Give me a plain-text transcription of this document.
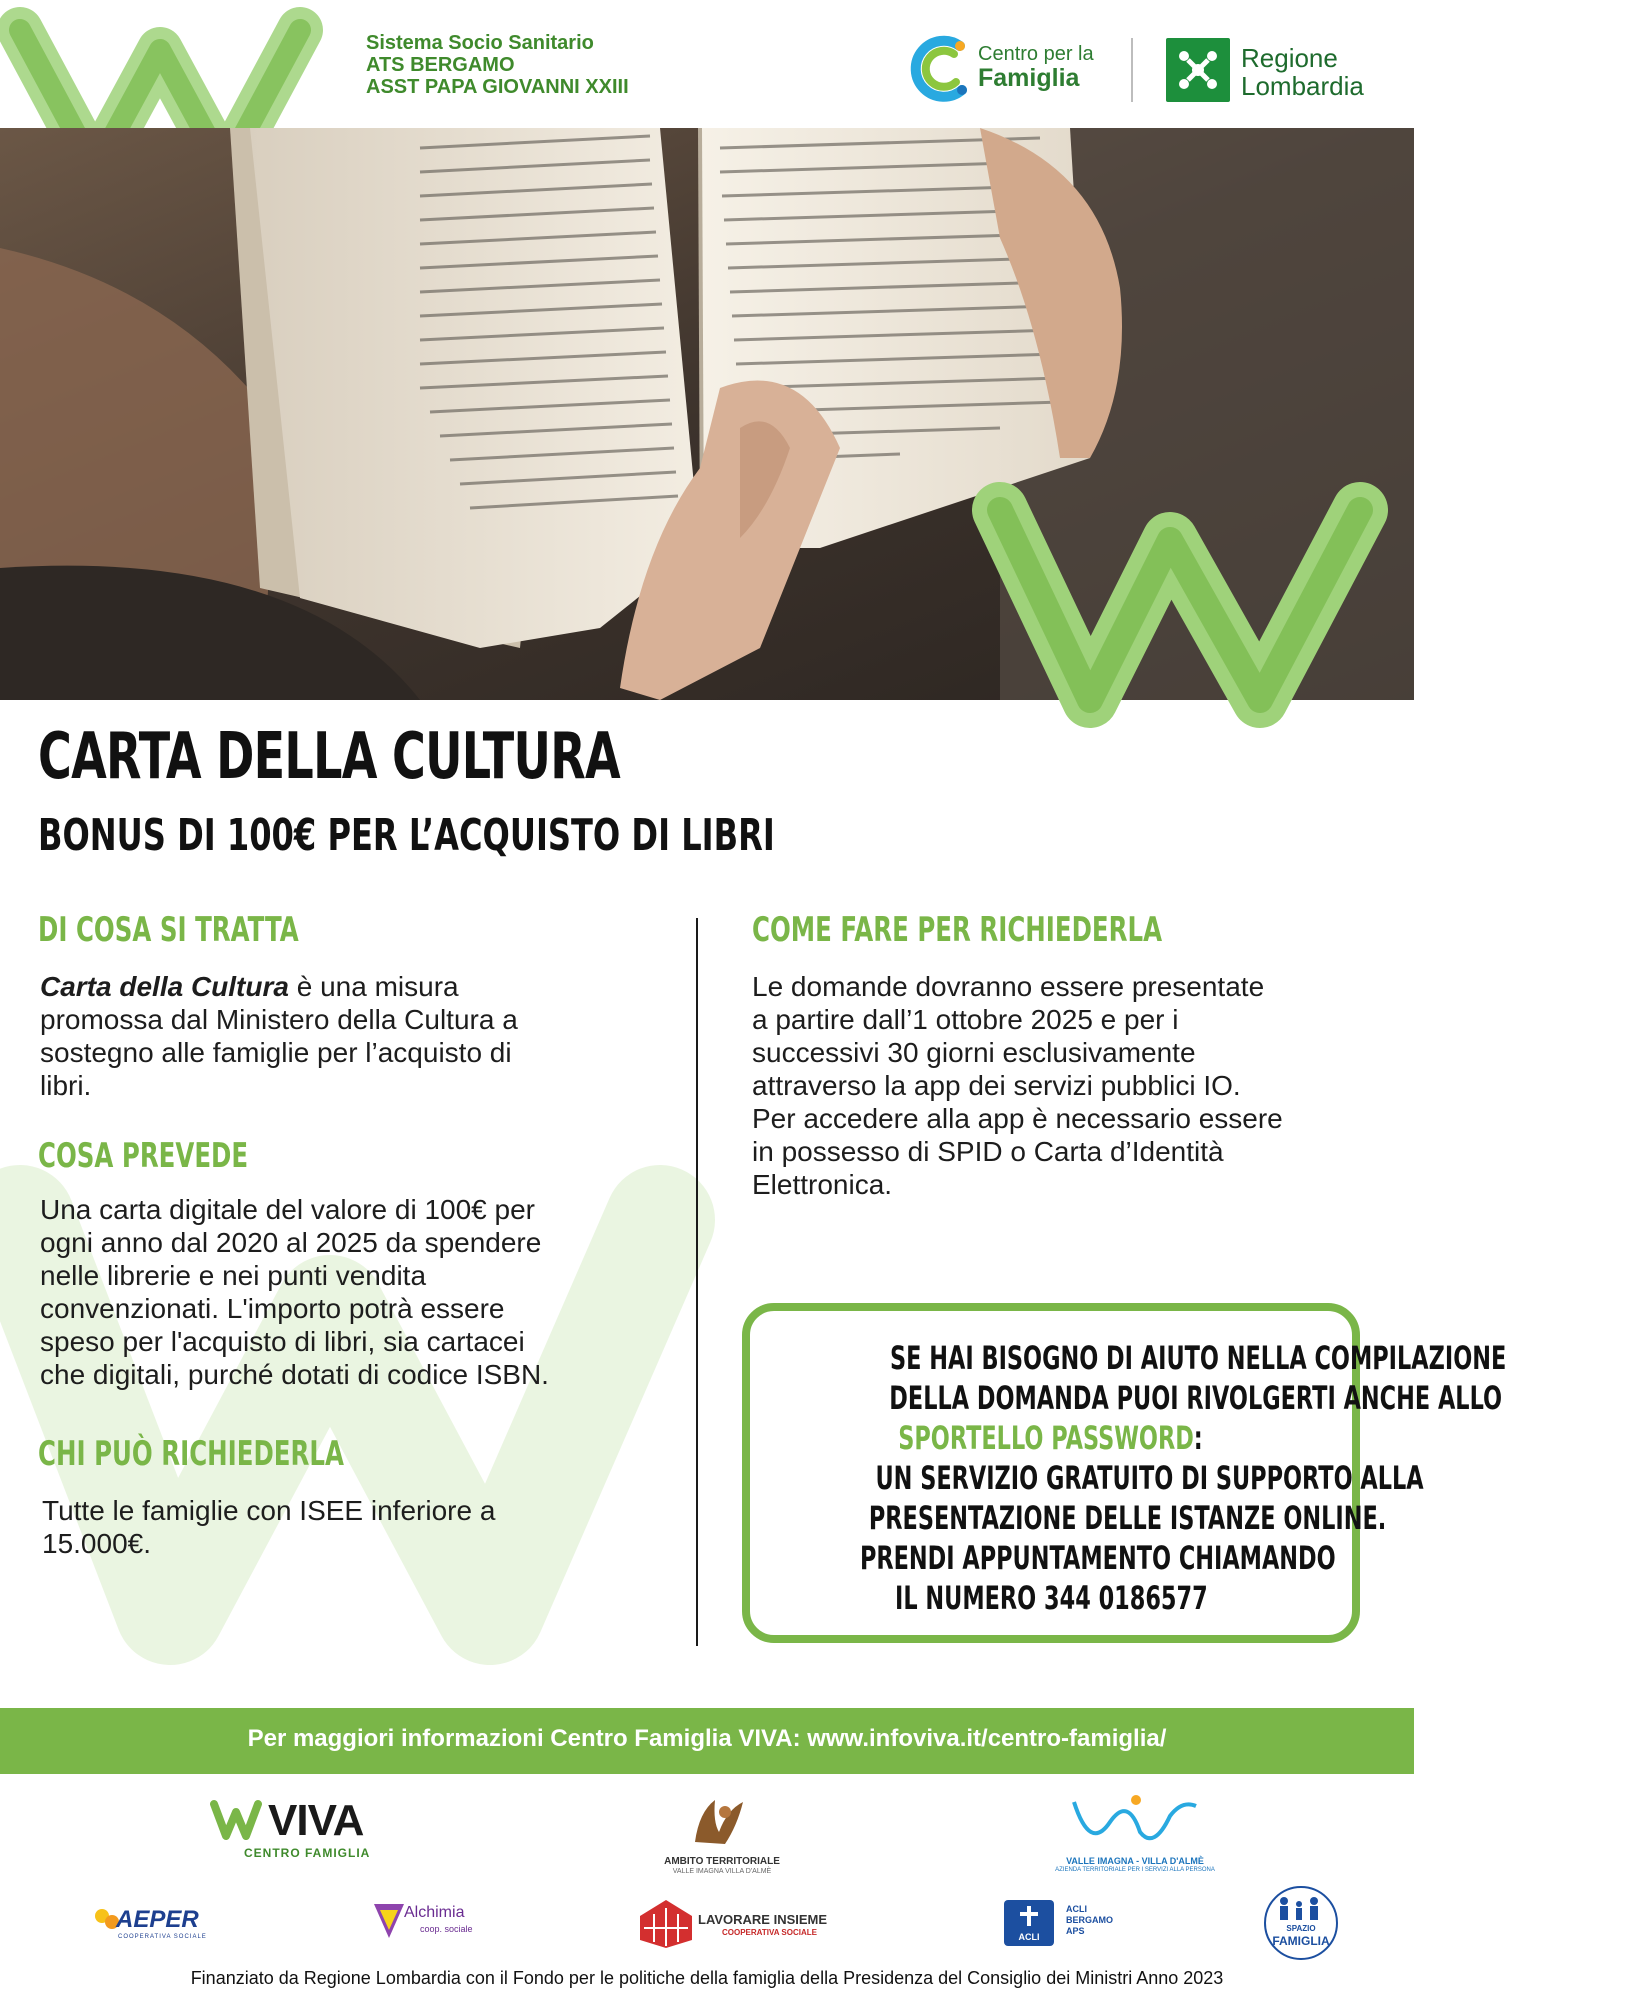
Sistema Socio Sanitario
ATS BERGAMO
ASST PAPA GIOVANNI XXIII
Centro per la
Famiglia
Regione
Lombardia
CARTA DELLA CULTURA
BONUS DI 100€ PER L’ACQUISTO DI LIBRI
DI COSA SI TRATTA
Carta della Cultura è una misura
promossa dal Ministero della Cultura a
sostegno alle famiglie per l’acquisto di
libri.
COSA PREVEDE
Una carta digitale del valore di 100€ per
ogni anno dal 2020 al 2025 da spendere
nelle librerie e nei punti vendita
convenzionati. L'importo potrà essere
speso per l'acquisto di libri, sia cartacei
che digitali, purché dotati di codice ISBN.
CHI PUÒ RICHIEDERLA
Tutte le famiglie con ISEE inferiore a
15.000€.
COME FARE PER RICHIEDERLA
Le domande dovranno essere presentate
a partire dall’1 ottobre 2025 e per i
successivi 30 giorni esclusivamente
attraverso la app dei servizi pubblici IO.
Per accedere alla app è necessario essere
in possesso di SPID o Carta d’Identità
Elettronica.
SE HAI BISOGNO DI AIUTO NELLA COMPILAZIONE
DELLA DOMANDA PUOI RIVOLGERTI ANCHE ALLO
SPORTELLO PASSWORD:
UN SERVIZIO GRATUITO DI SUPPORTO ALLA
PRESENTAZIONE DELLE ISTANZE ONLINE.
PRENDI APPUNTAMENTO CHIAMANDO
IL NUMERO 344 0186577
Per maggiori informazioni Centro Famiglia VIVA: www.infoviva.it/centro-famiglia/
VIVA
CENTRO FAMIGLIA
AMBITO TERRITORIALE
VALLE IMAGNA VILLA D'ALMÈ
VALLE IMAGNA - VILLA D'ALMÈ
AZIENDA TERRITORIALE PER I SERVIZI ALLA PERSONA
AEPER
COOPERATIVA SOCIALE
Alchimia
coop. sociale
LAVORARE INSIEME
COOPERATIVA SOCIALE	ACLI
ACLI
BERGAMO
APS	SPAZIO
FAMIGLIA
Finanziato da Regione Lombardia con il Fondo per le politiche della famiglia della Presidenza del Consiglio dei Ministri Anno 2023
